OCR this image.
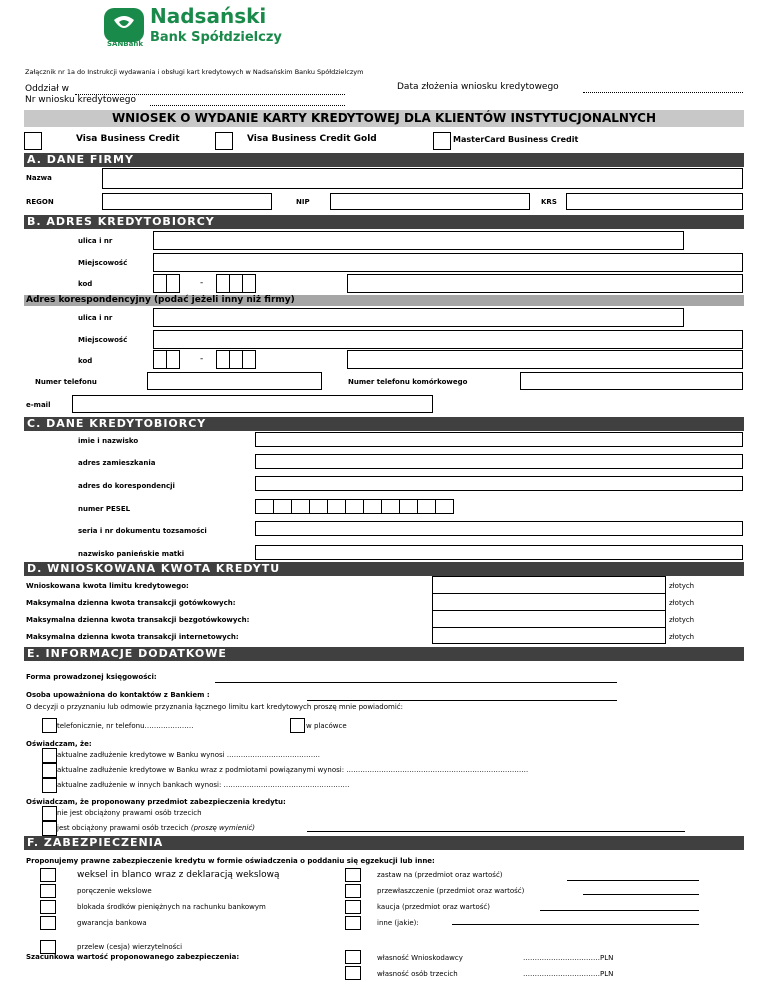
SANBank
Nadsański
Bank Spółdzielczy
Załącznik nr 1a do Instrukcji wydawania i obsługi kart kredytowych w Nadsańskim Banku Spółdzielczym
Oddział w	Data złożenia wniosku kredytowego
Nr wniosku kredytowego
WNIOSEK O WYDANIE KARTY KREDYTOWEJ DLA KLIENTÓW INSTYTUCJONALNYCH
Visa Business Credit	Visa Business Credit Gold	MasterCard Business Credit
A. DANE FIRMY
Nazwa
REGON	NIP	KRS
B. ADRES KREDYTOBIORCY
ulica i nr
Miejscowość
kod	-
Adres korespondencyjny (podać jeżeli inny niż firmy)
ulica i nr
Miejscowość
kod	-
Numer telefonu	Numer telefonu komórkowego
e-mail
C. DANE KREDYTOBIORCY
imie i nazwisko
adres zamieszkania
adres do korespondencji
numer PESEL
seria i nr dokumentu tozsamości
nazwisko panieńskie matki
D. WNIOSKOWANA KWOTA KREDYTU
Wnioskowana kwota limitu kredytowego:	złotych
Maksymalna dzienna kwota transakcji gotówkowych:	złotych
Maksymalna dzienna kwota transakcji bezgotówkowych:	złotych
Maksymalna dzienna kwota transakcji internetowych:	złotych
E. INFORMACJE DODATKOWE
Forma prowadzonej księgowości:
Osoba upoważniona do kontaktów z Bankiem :
O decyzji o przyznaniu lub odmowie przyznania łącznego limitu kart kredytowych proszę mnie powiadomić:
telefonicznie, nr telefonu…………………	w placówce
Oświadczam, że:
aktualne zadłużenie kredytowe w Banku wynosi ………………………………….
aktualne zadłużenie kredytowe w Banku wraz z podmiotami powiązanymi wynosi: ……………………………………………………………………
aktualne zadłużenie w innych bankach wynosi: ………………………………………………
Oświadczam, że proponowany przedmiot zabezpieczenia kredytu:
nie jest obciążony prawami osób trzecich
jest obciążony prawami osób trzecich (proszę wymienić)
F. ZABEZPIECZENIA
Proponujemy prawne zabezpieczenie kredytu w formie oświadczenia o poddaniu się egzekucji lub inne:
weksel in blanco wraz z deklaracją wekslową
poręczenie wekslowe
blokada środków pieniężnych na rachunku bankowym
gwarancja bankowa
zastaw na (przedmiot oraz wartość)
przewłaszczenie (przedmiot oraz wartość)
kaucja (przedmiot oraz wartość)
inne (jakie):
przelew (cesja) wierzytelności
Szacunkowa wartość proponowanego zabezpieczenia:	własność Wnioskodawcy	……………………………PLN
własność osób trzecich	……………………………PLN
